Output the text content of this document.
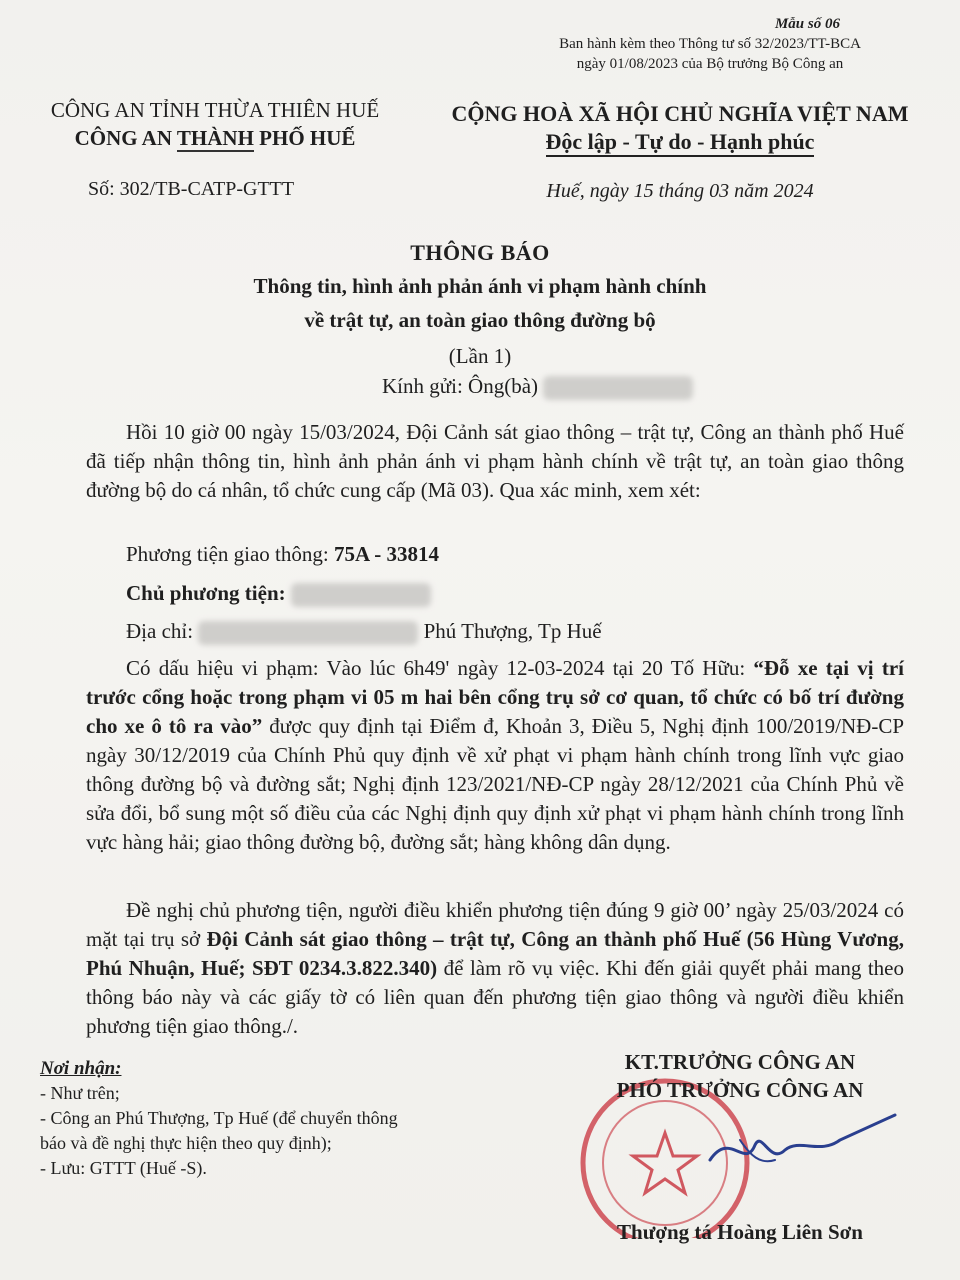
Mẫu số 06
Ban hành kèm theo Thông tư số 32/2023/TT-BCA
ngày 01/08/2023 của Bộ trưởng Bộ Công an
CÔNG AN TỈNH THỪA THIÊN HUẾ
CÔNG AN THÀNH PHỐ HUẾ
CỘNG HOÀ XÃ HỘI CHỦ NGHĨA VIỆT NAM
Độc lập - Tự do - Hạnh phúc
Số: 302/TB-CATP-GTTT	Huế, ngày 15 tháng 03 năm 2024
THÔNG BÁO
Thông tin, hình ảnh phản ánh vi phạm hành chính
về trật tự, an toàn giao thông đường bộ
(Lần 1)
Kính gửi: Ông(bà)
Hồi 10 giờ 00 ngày 15/03/2024, Đội Cảnh sát giao thông – trật tự, Công an thành phố Huế đã tiếp nhận thông tin, hình ảnh phản ánh vi phạm hành chính về trật tự, an toàn giao thông đường bộ do cá nhân, tổ chức cung cấp (Mã 03). Qua xác minh, xem xét:
Phương tiện giao thông: 75A - 33814
Chủ phương tiện:
Địa chỉ:	Phú Thượng, Tp Huế
Có dấu hiệu vi phạm: Vào lúc 6h49' ngày 12-03-2024 tại 20 Tố Hữu: “Đỗ xe tại vị trí trước cổng hoặc trong phạm vi 05 m hai bên cổng trụ sở cơ quan, tổ chức có bố trí đường cho xe ô tô ra vào” được quy định tại Điểm đ, Khoản 3, Điều 5, Nghị định 100/2019/NĐ-CP ngày 30/12/2019 của Chính Phủ quy định về xử phạt vi phạm hành chính trong lĩnh vực giao thông đường bộ và đường sắt; Nghị định 123/2021/NĐ-CP ngày 28/12/2021 của Chính Phủ về sửa đổi, bổ sung một số điều của các Nghị định quy định xử phạt vi phạm hành chính trong lĩnh vực hàng hải; giao thông đường bộ, đường sắt; hàng không dân dụng.
Đề nghị chủ phương tiện, người điều khiển phương tiện đúng 9 giờ 00’ ngày 25/03/2024 có mặt tại trụ sở Đội Cảnh sát giao thông – trật tự, Công an thành phố Huế (56 Hùng Vương, Phú Nhuận, Huế; SĐT 0234.3.822.340) để làm rõ vụ việc. Khi đến giải quyết phải mang theo thông báo này và các giấy tờ có liên quan đến phương tiện giao thông và người điều khiển phương tiện giao thông./.
Nơi nhận:
- Như trên;
- Công an Phú Thượng, Tp Huế (để chuyển thông
báo và đề nghị thực hiện theo quy định);
- Lưu: GTTT (Huế -S).
KT.TRƯỞNG CÔNG AN
PHÓ TRƯỞNG CÔNG AN
Thượng tá Hoàng Liên Sơn
